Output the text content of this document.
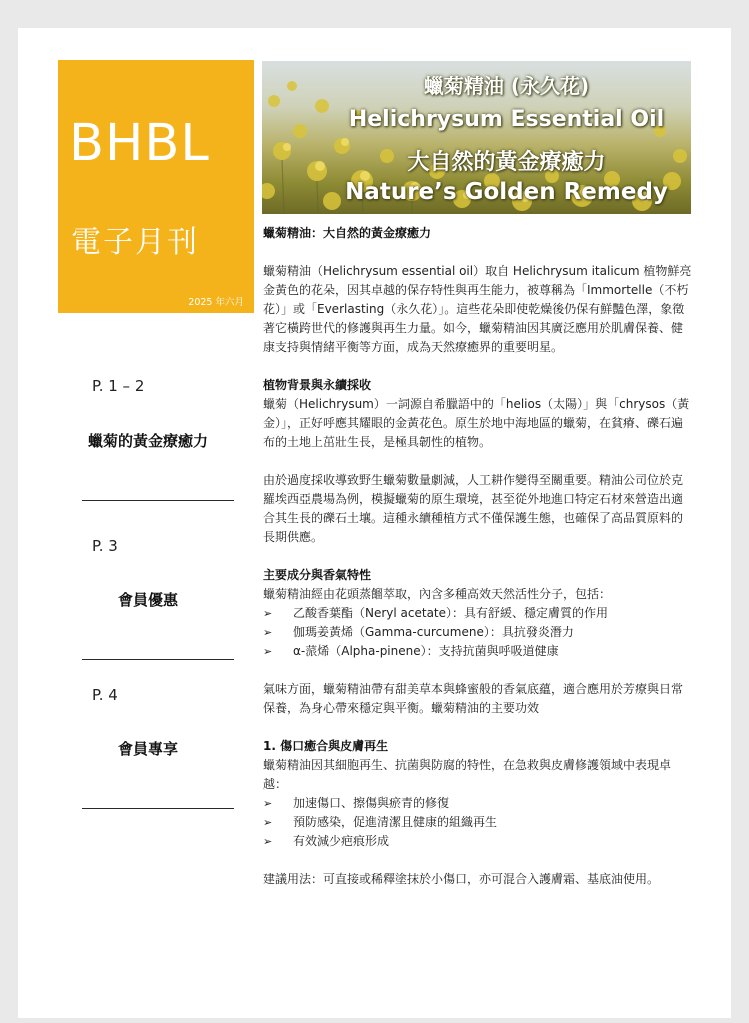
BHBL
電子月刊
2025 年六月
P. 1 – 2
蠟菊的黃金療癒力
P. 3
會員優惠
P. 4
會員專享
蠟菊精油 (永久花)
Helichrysum Essential Oil
大自然的黃金療癒力
Nature’s Golden Remedy

蠟菊精油：大自然的黃金療癒力

蠟菊精油（Helichrysum essential oil）取自 Helichrysum italicum 植物鮮亮金黃色的花朵，因其卓越的保存特性與再生能力，被尊稱為「Immortelle（不朽花）」或「Everlasting（永久花）」。這些花朵即使乾燥後仍保有鮮豔色澤，象徵著它橫跨世代的修護與再生力量。如今，蠟菊精油因其廣泛應用於肌膚保養、健康支持與情緒平衡等方面，成為天然療癒界的重要明星。

植物背景與永續採收

蠟菊（Helichrysum）一詞源自希臘語中的「helios（太陽）」與「chrysos（黃金）」，正好呼應其耀眼的金黃花色。原生於地中海地區的蠟菊，在貧瘠、礫石遍布的土地上茁壯生長，是極具韌性的植物。

由於過度採收導致野生蠟菊數量劇減，人工耕作變得至關重要。精油公司位於克羅埃西亞農場為例，模擬蠟菊的原生環境，甚至從外地進口特定石材來營造出適合其生長的礫石土壤。這種永續種植方式不僅保護生態，也確保了高品質原料的長期供應。

主要成分與香氣特性

蠟菊精油經由花頭蒸餾萃取，內含多種高效天然活性分子，包括：

➢ 乙酸香葉酯（Neryl acetate）：具有舒緩、穩定膚質的作用
➢ 伽瑪姜黃烯（Gamma-curcumene）：具抗發炎潛力
➢ α-蒎烯（Alpha-pinene）：支持抗菌與呼吸道健康

氣味方面，蠟菊精油帶有甜美草本與蜂蜜般的香氣底蘊，適合應用於芳療與日常保養，為身心帶來穩定與平衡。蠟菊精油的主要功效

1. 傷口癒合與皮膚再生

蠟菊精油因其細胞再生、抗菌與防腐的特性，在急救與皮膚修護領域中表現卓越：

➢ 加速傷口、擦傷與瘀青的修復
➢ 預防感染，促進清潔且健康的組織再生
➢ 有效減少疤痕形成

建議用法：可直接或稀釋塗抹於小傷口，亦可混合入護膚霜、基底油使用。
